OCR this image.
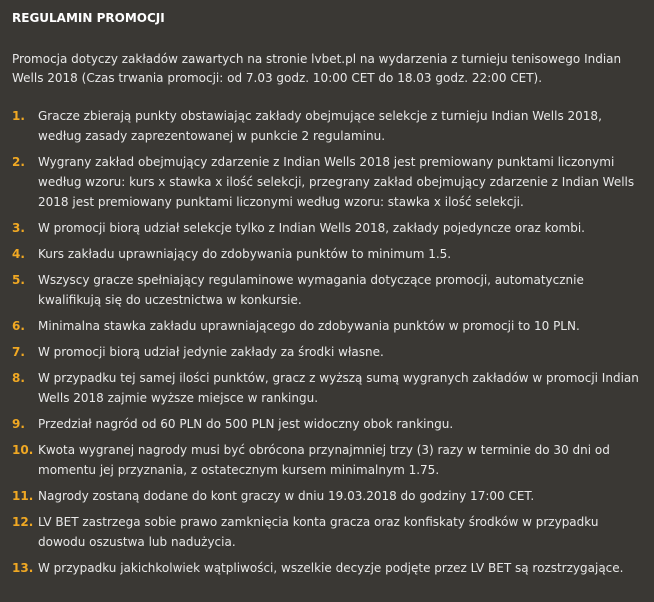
REGULAMIN PROMOCJI

Promocja dotyczy zakładów zawartych na stronie lvbet.pl na wydarzenia z turnieju tenisowego Indian Wells 2018 (Czas trwania promocji: od 7.03 godz. 10:00 CET do 18.03 godz. 22:00 CET).

1. Gracze zbierają punkty obstawiając zakłady obejmujące selekcje z turnieju Indian Wells 2018, według zasady zaprezentowanej w punkcie 2 regulaminu.
2. Wygrany zakład obejmujący zdarzenie z Indian Wells 2018 jest premiowany punktami liczonymi według wzoru: kurs x stawka x ilość selekcji, przegrany zakład obejmujący zdarzenie z Indian Wells 2018 jest premiowany punktami liczonymi według wzoru: stawka x ilość selekcji.
3. W promocji biorą udział selekcje tylko z Indian Wells 2018, zakłady pojedyncze oraz kombi.
4. Kurs zakładu uprawniający do zdobywania punktów to minimum 1.5.
5. Wszyscy gracze spełniający regulaminowe wymagania dotyczące promocji, automatycznie kwalifikują się do uczestnictwa w konkursie.
6. Minimalna stawka zakładu uprawniającego do zdobywania punktów w promocji to 10 PLN.
7. W promocji biorą udział jedynie zakłady za środki własne.
8. W przypadku tej samej ilości punktów, gracz z wyższą sumą wygranych zakładów w promocji Indian Wells 2018 zajmie wyższe miejsce w rankingu.
9. Przedział nagród od 60 PLN do 500 PLN jest widoczny obok rankingu.
10. Kwota wygranej nagrody musi być obrócona przynajmniej trzy (3) razy w terminie do 30 dni od momentu jej przyznania, z ostatecznym kursem minimalnym 1.75.
11. Nagrody zostaną dodane do kont graczy w dniu 19.03.2018 do godziny 17:00 CET.
12. LV BET zastrzega sobie prawo zamknięcia konta gracza oraz konfiskaty środków w przypadku dowodu oszustwa lub nadużycia.
13. W przypadku jakichkolwiek wątpliwości, wszelkie decyzje podjęte przez LV BET są rozstrzygające.
